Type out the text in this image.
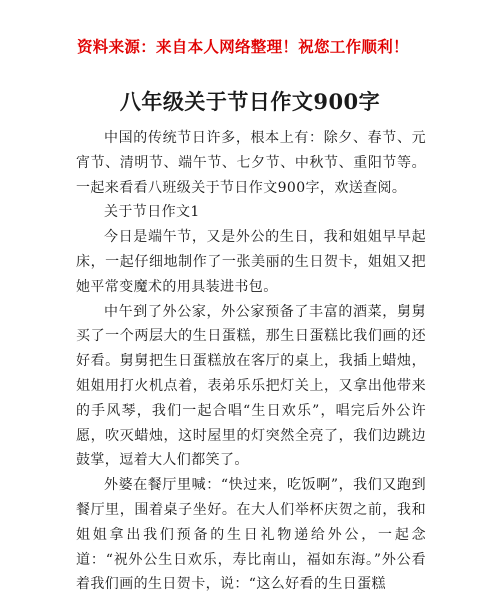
资料来源：来自本人网络整理！祝您工作顺利！
八年级关于节日作文900字

中国的传统节日许多，根本上有：除夕、春节、元宵节、清明节、端午节、七夕节、中秋节、重阳节等。一起来看看八班级关于节日作文900字，欢送查阅。

关于节日作文1

今日是端午节，又是外公的生日，我和姐姐早早起床，一起仔细地制作了一张美丽的生日贺卡，姐姐又把她平常变魔术的用具装进书包。

中午到了外公家，外公家预备了丰富的酒菜，舅舅买了一个两层大的生日蛋糕，那生日蛋糕比我们画的还好看。舅舅把生日蛋糕放在客厅的桌上，我插上蜡烛，姐姐用打火机点着，表弟乐乐把灯关上，又拿出他带来的手风琴，我们一起合唱“生日欢乐”，唱完后外公许愿，吹灭蜡烛，这时屋里的灯突然全亮了，我们边跳边鼓掌，逗着大人们都笑了。

外婆在餐厅里喊：“快过来，吃饭啊”，我们又跑到餐厅里，围着桌子坐好。在大人们举杯庆贺之前，我和姐姐拿出我们预备的生日礼物递给外公，一起念道：“祝外公生日欢乐，寿比南山，福如东海。”外公看着我们画的生日贺卡，说：“这么好看的生日蛋糕
